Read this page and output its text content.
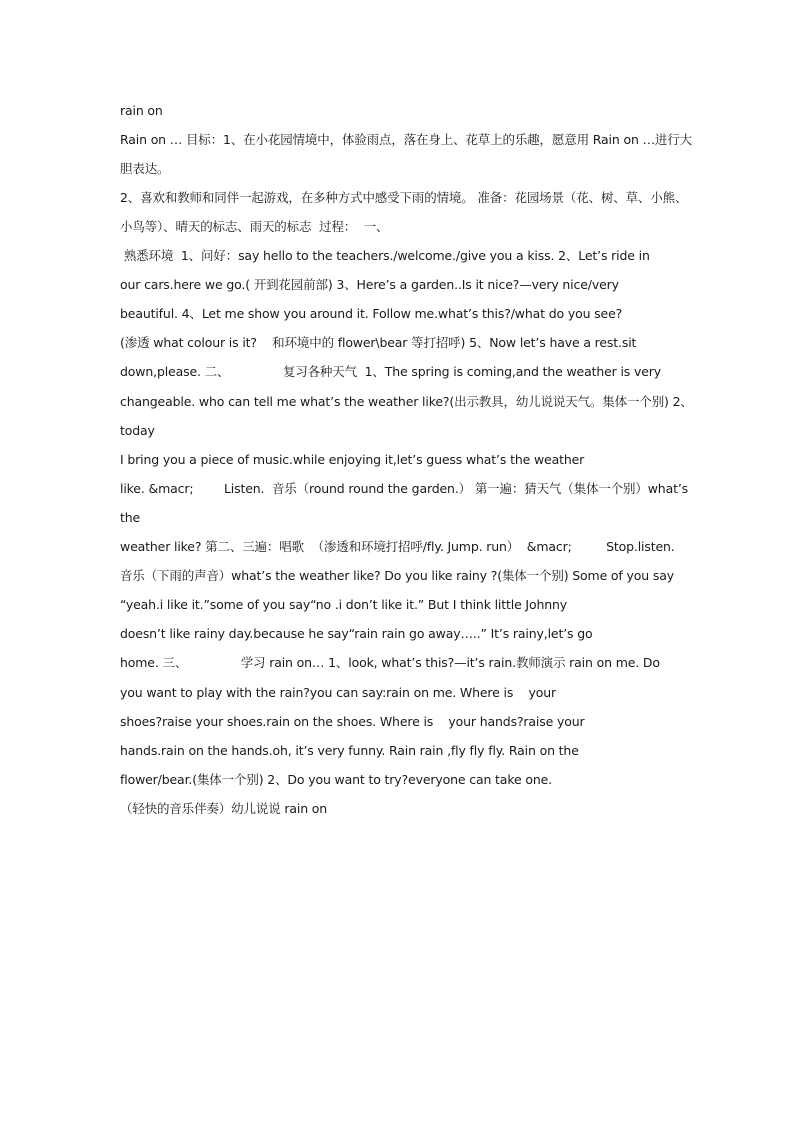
rain on
Rain on … 目标：1、在小花园情境中，体验雨点，落在身上、花草上的乐趣，愿意用 Rain on …进行大
胆表达。
2、喜欢和教师和同伴一起游戏，在多种方式中感受下雨的情境。 准备：花园场景（花、树、草、小熊、
小鸟等）、晴天的标志、雨天的标志  过程：  一、
熟悉环境  1、问好：say hello to the teachers./welcome./give you a kiss. 2、Let’s ride in
our cars.here we go.( 开到花园前部) 3、Here’s a garden..Is it nice?—very nice/very
beautiful. 4、Let me show you around it. Follow me.what’s this?/what do you see?
(渗透 what colour is it?    和环境中的 flower\bear 等打招呼) 5、Now let’s have a rest.sit
down,please. 二、              复习各种天气  1、The spring is coming,and the weather is very
changeable. who can tell me what’s the weather like?(出示教具，幼儿说说天气。集体一个别) 2、
today
I bring you a piece of music.while enjoying it,let’s guess what’s the weather
like. &macr;        Listen.  音乐（round round the garden.） 第一遍：猜天气（集体一个别）what’s
the
weather like? 第二、三遍：唱歌  （渗透和环境打招呼/fly. Jump. run）  &macr;         Stop.listen.
音乐（下雨的声音）what’s the weather like? Do you like rainy ?(集体一个别) Some of you say
“yeah.i like it.”some of you say“no .i don’t like it.” But I think little Johnny
doesn’t like rainy day.because he say“rain rain go away…..” It’s rainy,let’s go
home. 三、              学习 rain on… 1、look, what’s this?—it’s rain.教师演示 rain on me. Do
you want to play with the rain?you can say:rain on me. Where is    your
shoes?raise your shoes.rain on the shoes. Where is    your hands?raise your
hands.rain on the hands.oh, it’s very funny. Rain rain ,fly fly fly. Rain on the
flower/bear.(集体一个别) 2、Do you want to try?everyone can take one.
（轻快的音乐伴奏）幼儿说说 rain on
